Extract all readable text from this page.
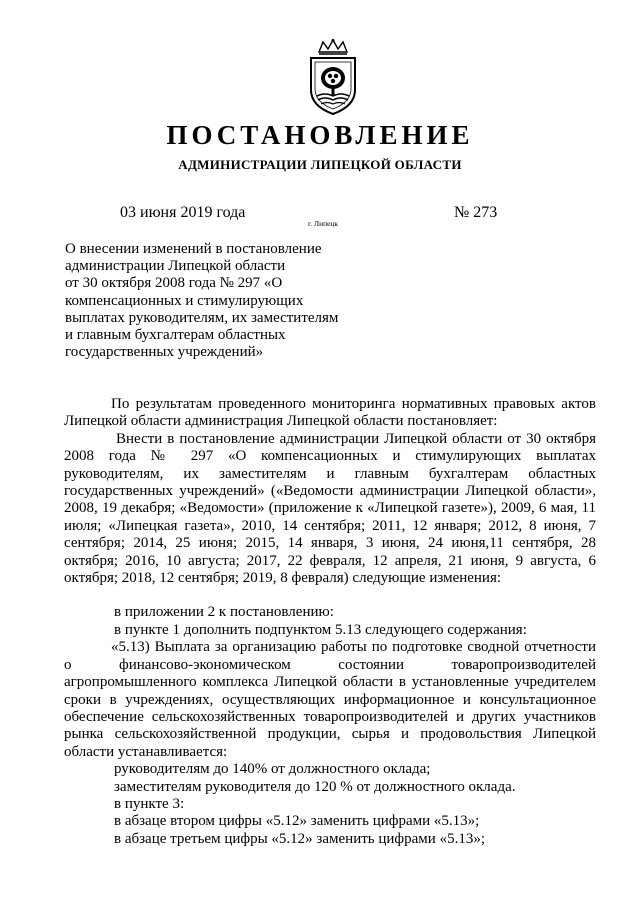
ПОСТАНОВЛЕНИЕ
АДМИНИСТРАЦИИ ЛИПЕЦКОЙ ОБЛАСТИ
03 июня 2019 года
г. Липецк
№ 273
О внесении изменений в постановление
администрации Липецкой области
от 30 октября 2008 года № 297 «О
компенсационных и стимулирующих
выплатах руководителям, их заместителям
и главным бухгалтерам областных
государственных учреждений»

По результатам проведенного мониторинга нормативных правовых актов Липецкой области администрация Липецкой области постановляет:

Внести в постановление администрации Липецкой области от 30 октября 2008 года № 297 «О компенсационных и стимулирующих выплатах руководителям, их заместителям и главным бухгалтерам областных государственных учреждений» («Ведомости администрации Липецкой области», 2008, 19 декабря; «Ведомости» (приложение к «Липецкой газете»), 2009, 6 мая, 11 июля; «Липецкая газета», 2010, 14 сентября; 2011, 12 января; 2012, 8 июня, 7 сентября; 2014, 25 июня; 2015, 14 января, 3 июня, 24 июня,11 сентября, 28 октября; 2016, 10 августа; 2017, 22 февраля, 12 апреля, 21 июня, 9 августа, 6 октября; 2018, 12 сентября; 2019, 8 февраля) следующие изменения:

в приложении 2 к постановлению:
в пункте 1 дополнить подпунктом 5.13 следующего содержания:

«5.13) Выплата за организацию работы по подготовке сводной отчетности о финансово-экономическом состоянии товаропроизводителей агропромышленного комплекса Липецкой области в установленные учредителем сроки в учреждениях, осуществляющих информационное и консультационное обеспечение сельскохозяйственных товаропроизводителей и других участников рынка сельскохозяйственной продукции, сырья и продовольствия Липецкой области устанавливается:

руководителям до 140% от должностного оклада;
заместителям руководителя до 120 % от должностного оклада.
в пункте 3:
в абзаце втором цифры «5.12» заменить цифрами «5.13»;
в абзаце третьем цифры «5.12» заменить цифрами «5.13»;
